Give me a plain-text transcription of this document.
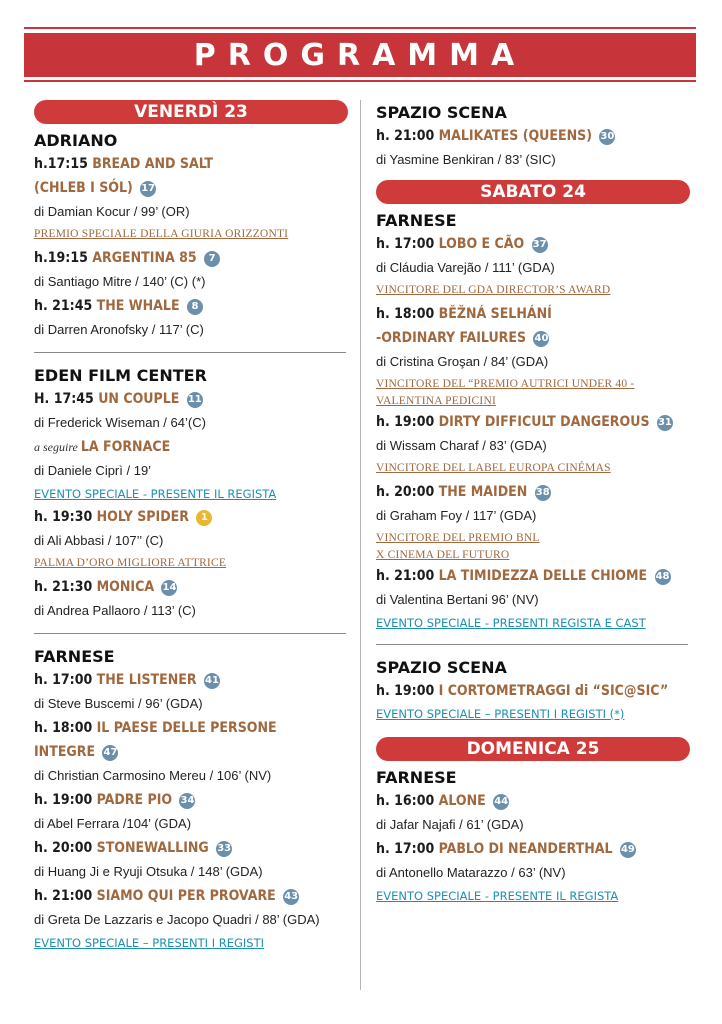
PROGRAMMA
VENERDÌ 23
ADRIANO
h.17:15 BREAD AND SALT
(CHLEB I SÓL) 17
di Damian Kocur / 99’ (OR)
PREMIO SPECIALE DELLA GIURIA ORIZZONTI
h.19:15 ARGENTINA 85 7
di Santiago Mitre / 140’ (C) (*)
h. 21:45 THE WHALE 8
di Darren Aronofsky / 117’ (C)
EDEN FILM CENTER
H. 17:45 UN COUPLE 11
di Frederick Wiseman / 64’(C)
a seguire LA FORNACE
di Daniele Ciprì / 19’
EVENTO SPECIALE - PRESENTE IL REGISTA
h. 19:30 HOLY SPIDER 1
di Ali Abbasi / 107’’ (C)
PALMA D’ORO MIGLIORE ATTRICE
h. 21:30 MONICA 14
di Andrea Pallaoro / 113’ (C)
FARNESE
h. 17:00 THE LISTENER 41
di Steve Buscemi / 96’ (GDA)
h. 18:00 IL PAESE DELLE PERSONE
INTEGRE 47
di Christian Carmosino Mereu / 106’ (NV)
h. 19:00 PADRE PIO 34
di Abel Ferrara /104’ (GDA)
h. 20:00 STONEWALLING 33
di Huang Ji e Ryuji Otsuka / 148’ (GDA)
h. 21:00 SIAMO QUI PER PROVARE 43
di Greta De Lazzaris e Jacopo Quadri / 88’ (GDA)
EVENTO SPECIALE – PRESENTI I REGISTI
SPAZIO SCENA
h. 21:00 MALIKATES (QUEENS) 30
di Yasmine Benkiran / 83’ (SIC)
SABATO 24
FARNESE
h. 17:00 LOBO E CÃO 37
di Cláudia Varejão / 111’ (GDA)
VINCITORE DEL GDA DIRECTOR’S AWARD
h. 18:00 BĚŽNÁ SELHÁNÍ
-ORDINARY FAILURES 40
di Cristina Groşan / 84’ (GDA)
VINCITORE DEL “PREMIO AUTRICI UNDER 40 -
VALENTINA PEDICINI
h. 19:00 DIRTY DIFFICULT DANGEROUS 31
di Wissam Charaf / 83’ (GDA)
VINCITORE DEL LABEL EUROPA CINÉMAS
h. 20:00 THE MAIDEN 38
di Graham Foy / 117’ (GDA)
VINCITORE DEL PREMIO BNL
X CINEMA DEL FUTURO
h. 21:00 LA TIMIDEZZA DELLE CHIOME 48
di Valentina Bertani 96’ (NV)
EVENTO SPECIALE - PRESENTI REGISTA E CAST
SPAZIO SCENA
h. 19:00 I CORTOMETRAGGI di “SIC@SIC”
EVENTO SPECIALE – PRESENTI I REGISTI (*)
DOMENICA 25
FARNESE
h. 16:00 ALONE 44
di Jafar Najafi / 61’ (GDA)
h. 17:00 PABLO DI NEANDERTHAL 49
di Antonello Matarazzo / 63’ (NV)
EVENTO SPECIALE - PRESENTE IL REGISTA
